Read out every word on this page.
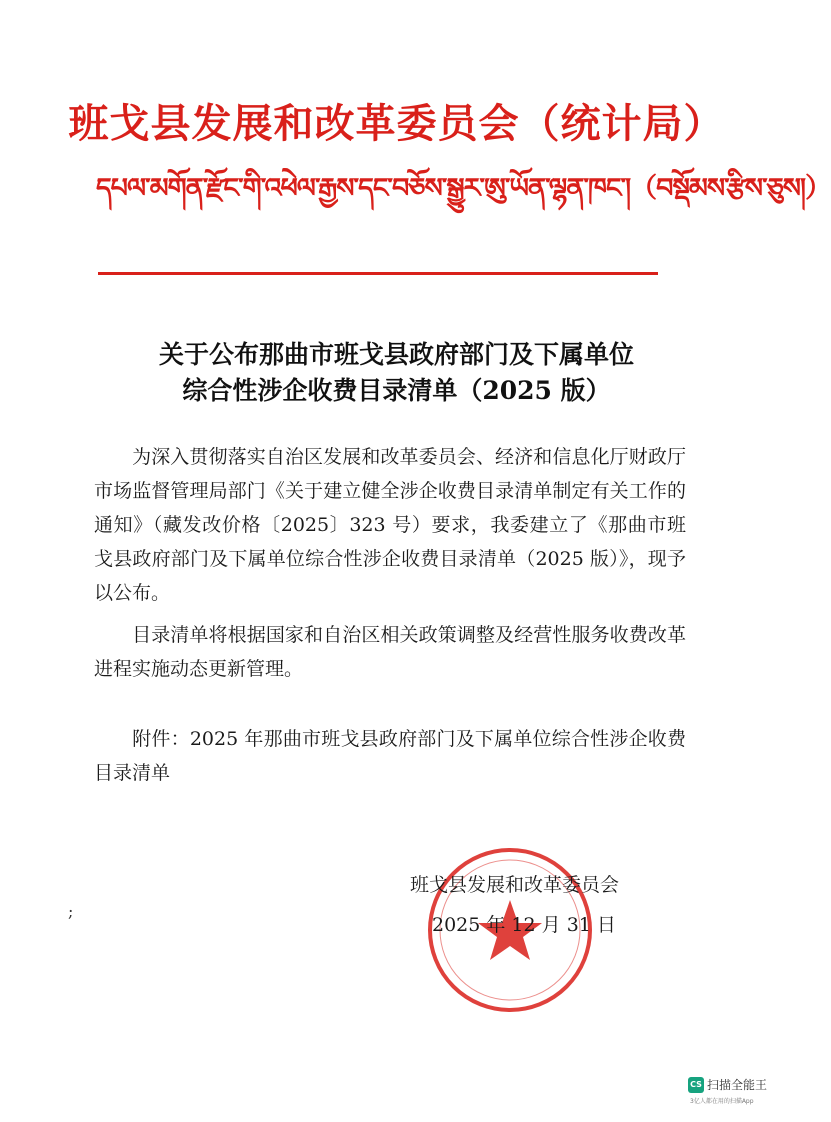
班戈县发展和改革委员会（统计局）
དཔལ་མགོན་རྫོང་གི་འཕེལ་རྒྱས་དང་བཅོས་སྒྱུར་ཨུ་ཡོན་ལྷན་ཁང་།（བསྡོམས་རྩིས་ཅུས།）
关于公布那曲市班戈县政府部门及下属单位
综合性涉企收费目录清单（2025 版）
为深入贯彻落实自治区发展和改革委员会、经济和信息化厅财政厅 市场监督管理局部门《关于建立健全涉企收费目录清单制定有关工作的通知》（藏发改价格〔2025〕323 号）要求，我委建立了《那曲市班戈县政府部门及下属单位综合性涉企收费目录清单（2025 版）》，现予以公布。
目录清单将根据国家和自治区相关政策调整及经营性服务收费改革进程实施动态更新管理。
附件：2025 年那曲市班戈县政府部门及下属单位综合性涉企收费目录清单
班戈县发展和改革委员会
2025 年 12 月 31 日
;
CS 扫描全能王
3亿人都在用的扫描App
